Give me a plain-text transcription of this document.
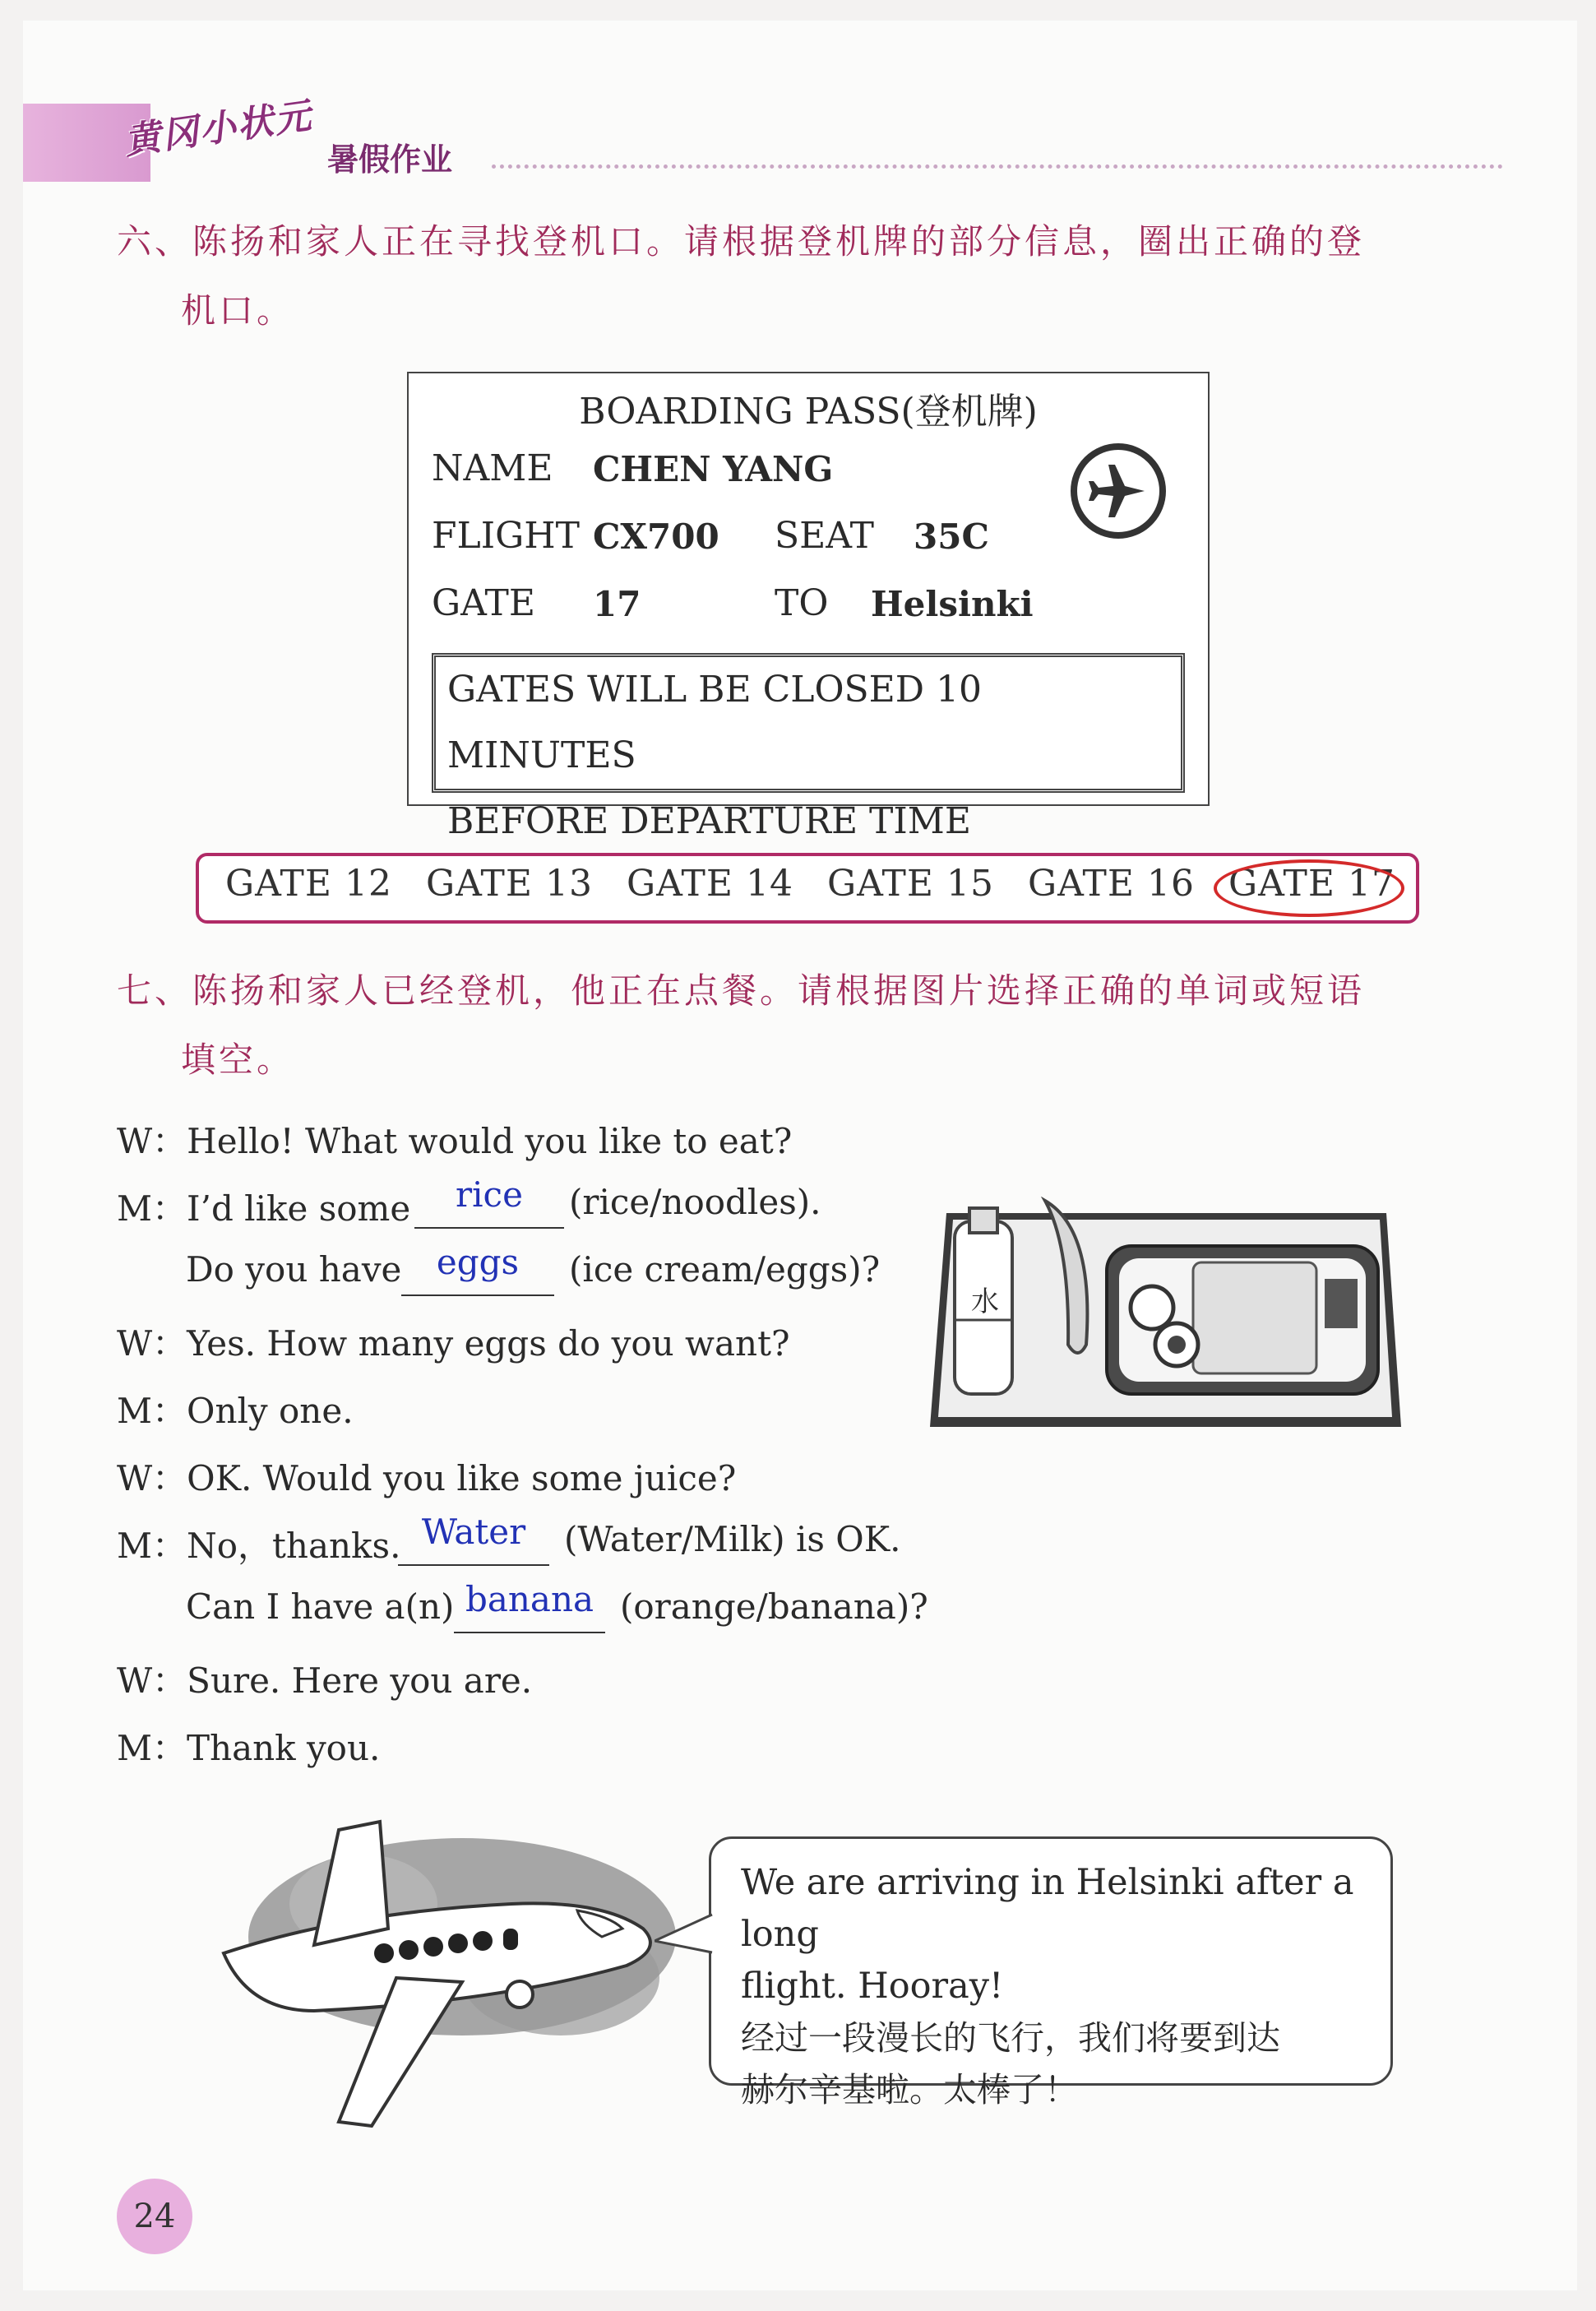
黄冈小状元 暑假作业
六、陈扬和家人正在寻找登机口。请根据登机牌的部分信息，圈出正确的登
机口。
BOARDING PASS(登机牌)
NAME CHEN YANG
FLIGHT CX700 SEAT 35C
GATE 17	TO Helsinki
GATES WILL BE CLOSED 10 MINUTES
BEFORE DEPARTURE TIME
GATE 12 GATE 13 GATE 14 GATE 15 GATE 16 GATE 17
七、陈扬和家人已经登机，他正在点餐。请根据图片选择正确的单词或短语
填空。
W：Hello! What would you like to eat?
M：I’d like some	rice	(rice/noodles).
Do you have	eggs	(ice cream/eggs)?
W：Yes. How many eggs do you want?
M：Only one.
W：OK. Would you like some juice?
M：No，thanks. Water	(Water/Milk) is OK.
Can I have a(n) banana (orange/banana)?
W：Sure. Here you are.
M：Thank you.
水
We are arriving in Helsinki after a long
flight. Hooray!
经过一段漫长的飞行，我们将要到达
赫尔辛基啦。太棒了！
24
